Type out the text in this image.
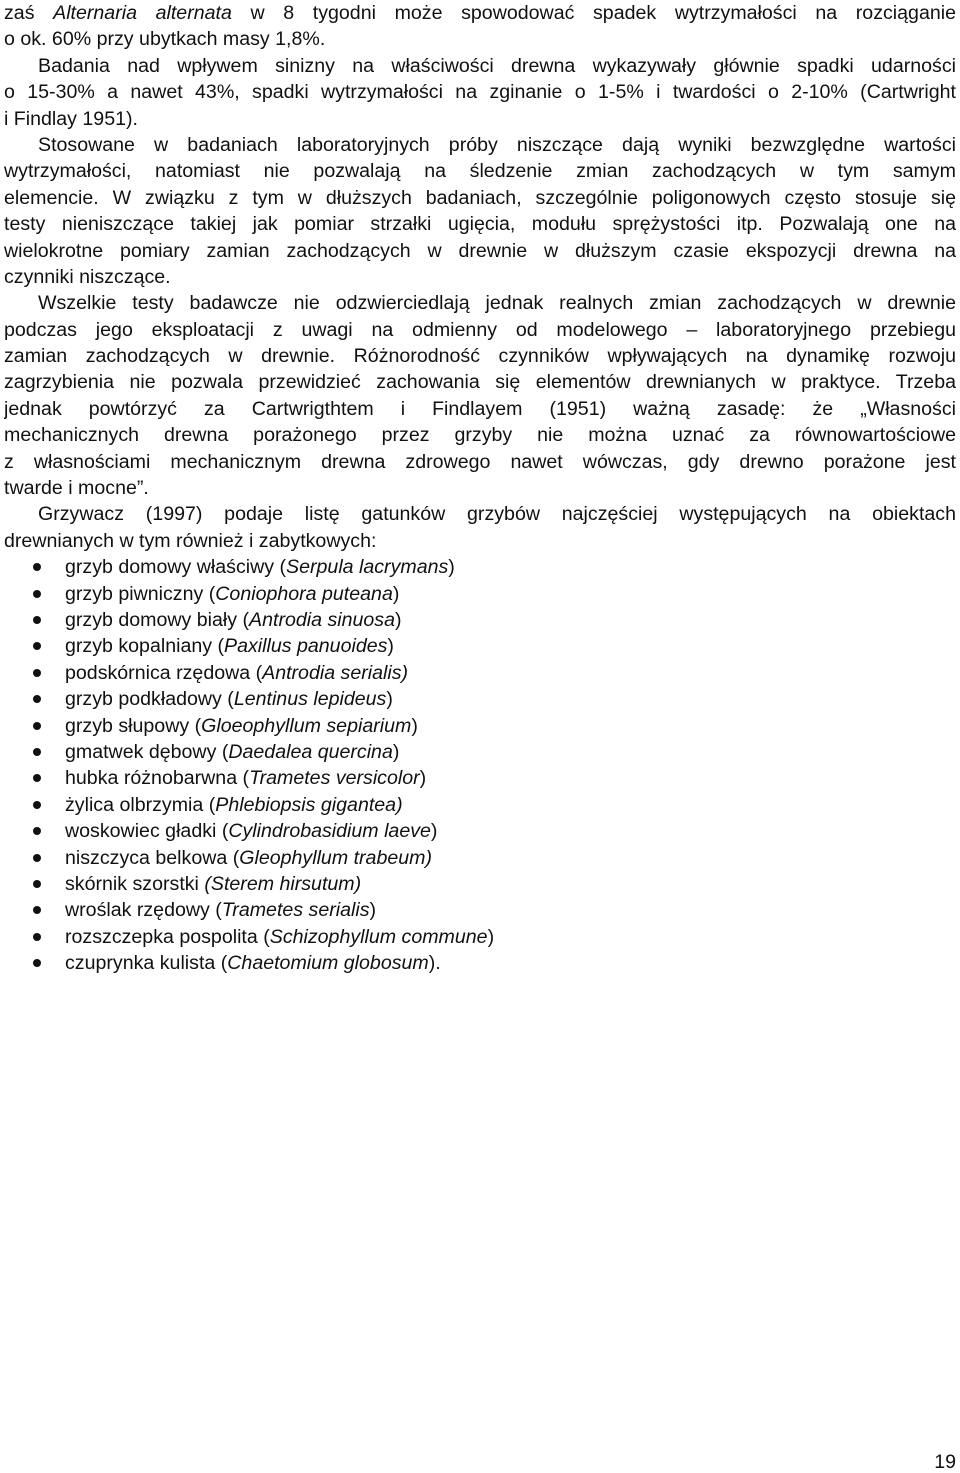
zaś Alternaria alternata w 8 tygodni może spowodować spadek wytrzymałości na rozciąganie
o ok. 60% przy ubytkach masy 1,8%.
Badania nad wpływem sinizny na właściwości drewna wykazywały głównie spadki udarności
o 15-30% a nawet 43%, spadki wytrzymałości na zginanie o 1-5% i twardości o 2-10% (Cartwright
i Findlay 1951).
Stosowane w badaniach laboratoryjnych próby niszczące dają wyniki bezwzględne wartości
wytrzymałości, natomiast nie pozwalają na śledzenie zmian zachodzących w tym samym
elemencie. W związku z tym w dłuższych badaniach, szczególnie poligonowych często stosuje się
testy nieniszczące takiej jak pomiar strzałki ugięcia, modułu sprężystości itp. Pozwalają one na
wielokrotne pomiary zamian zachodzących w drewnie w dłuższym czasie ekspozycji drewna na
czynniki niszczące.
Wszelkie testy badawcze nie odzwierciedlają jednak realnych zmian zachodzących w drewnie
podczas jego eksploatacji z uwagi na odmienny od modelowego – laboratoryjnego przebiegu
zamian zachodzących w drewnie. Różnorodność czynników wpływających na dynamikę rozwoju
zagrzybienia nie pozwala przewidzieć zachowania się elementów drewnianych w praktyce. Trzeba
jednak powtórzyć za Cartwrigthtem i Findlayem (1951) ważną zasadę: że „Własności
mechanicznych drewna porażonego przez grzyby nie można uznać za równowartościowe
z własnościami mechanicznym drewna zdrowego nawet wówczas, gdy drewno porażone jest
twarde i mocne”.
Grzywacz (1997) podaje listę gatunków grzybów najczęściej występujących na obiektach
drewnianych w tym również i zabytkowych:
grzyb domowy właściwy (Serpula lacrymans)
grzyb piwniczny (Coniophora puteana)
grzyb domowy biały (Antrodia sinuosa)
grzyb kopalniany (Paxillus panuoides)
podskórnica rzędowa (Antrodia serialis)
grzyb podkładowy (Lentinus lepideus)
grzyb słupowy (Gloeophyllum sepiarium)
gmatwek dębowy (Daedalea quercina)
hubka różnobarwna (Trametes versicolor)
żylica olbrzymia (Phlebiopsis gigantea)
woskowiec gładki (Cylindrobasidium laeve)
niszczyca belkowa (Gleophyllum trabeum)
skórnik szorstki (Sterem hirsutum)
wroślak rzędowy (Trametes serialis)
rozszczepka pospolita (Schizophyllum commune)
czuprynka kulista (Chaetomium globosum).
19
